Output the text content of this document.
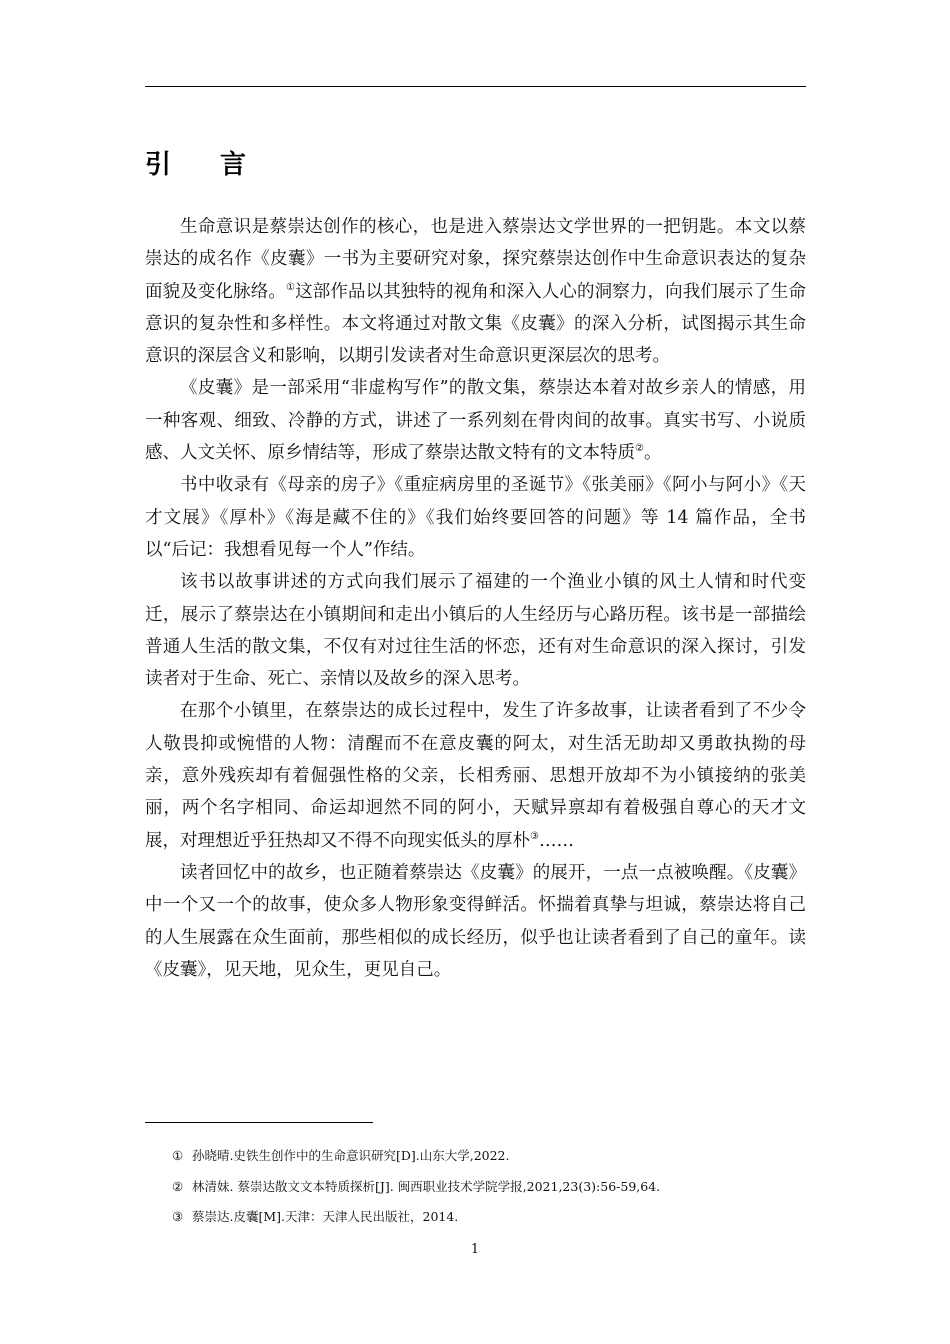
引 言

生命意识是蔡崇达创作的核心，也是进入蔡崇达文学世界的一把钥匙。本文以蔡崇达的成名作《皮囊》一书为主要研究对象，探究蔡崇达创作中生命意识表达的复杂面貌及变化脉络。①这部作品以其独特的视角和深入人心的洞察力，向我们展示了生命意识的复杂性和多样性。本文将通过对散文集《皮囊》的深入分析，试图揭示其生命意识的深层含义和影响，以期引发读者对生命意识更深层次的思考。

《皮囊》是一部采用“非虚构写作”的散文集，蔡崇达本着对故乡亲人的情感，用一种客观、细致、冷静的方式，讲述了一系列刻在骨肉间的故事。真实书写、小说质感、人文关怀、原乡情结等，形成了蔡崇达散文特有的文本特质②。

书中收录有《母亲的房子》《重症病房里的圣诞节》《张美丽》《阿小与阿小》《天才文展》《厚朴》《海是藏不住的》《我们始终要回答的问题》等 14 篇作品，全书以“后记：我想看见每一个人”作结。

该书以故事讲述的方式向我们展示了福建的一个渔业小镇的风土人情和时代变迁，展示了蔡崇达在小镇期间和走出小镇后的人生经历与心路历程。该书是一部描绘普通人生活的散文集，不仅有对过往生活的怀恋，还有对生命意识的深入探讨，引发读者对于生命、死亡、亲情以及故乡的深入思考。

在那个小镇里，在蔡崇达的成长过程中，发生了许多故事，让读者看到了不少令人敬畏抑或惋惜的人物：清醒而不在意皮囊的阿太，对生活无助却又勇敢执拗的母亲，意外残疾却有着倔强性格的父亲，长相秀丽、思想开放却不为小镇接纳的张美丽，两个名字相同、命运却迥然不同的阿小，天赋异禀却有着极强自尊心的天才文展，对理想近乎狂热却又不得不向现实低头的厚朴③……

读者回忆中的故乡，也正随着蔡崇达《皮囊》的展开，一点一点被唤醒。《皮囊》中一个又一个的故事，使众多人物形象变得鲜活。怀揣着真挚与坦诚，蔡崇达将自己的人生展露在众生面前，那些相似的成长经历，似乎也让读者看到了自己的童年。读《皮囊》，见天地，见众生，更见自己。

① 孙晓晴.史铁生创作中的生命意识研究[D].山东大学,2022.

② 林清妹. 蔡崇达散文文本特质探析[J]. 闽西职业技术学院学报,2021,23(3):56-59,64.

③ 蔡崇达.皮囊[M].天津：天津人民出版社，2014.

1
